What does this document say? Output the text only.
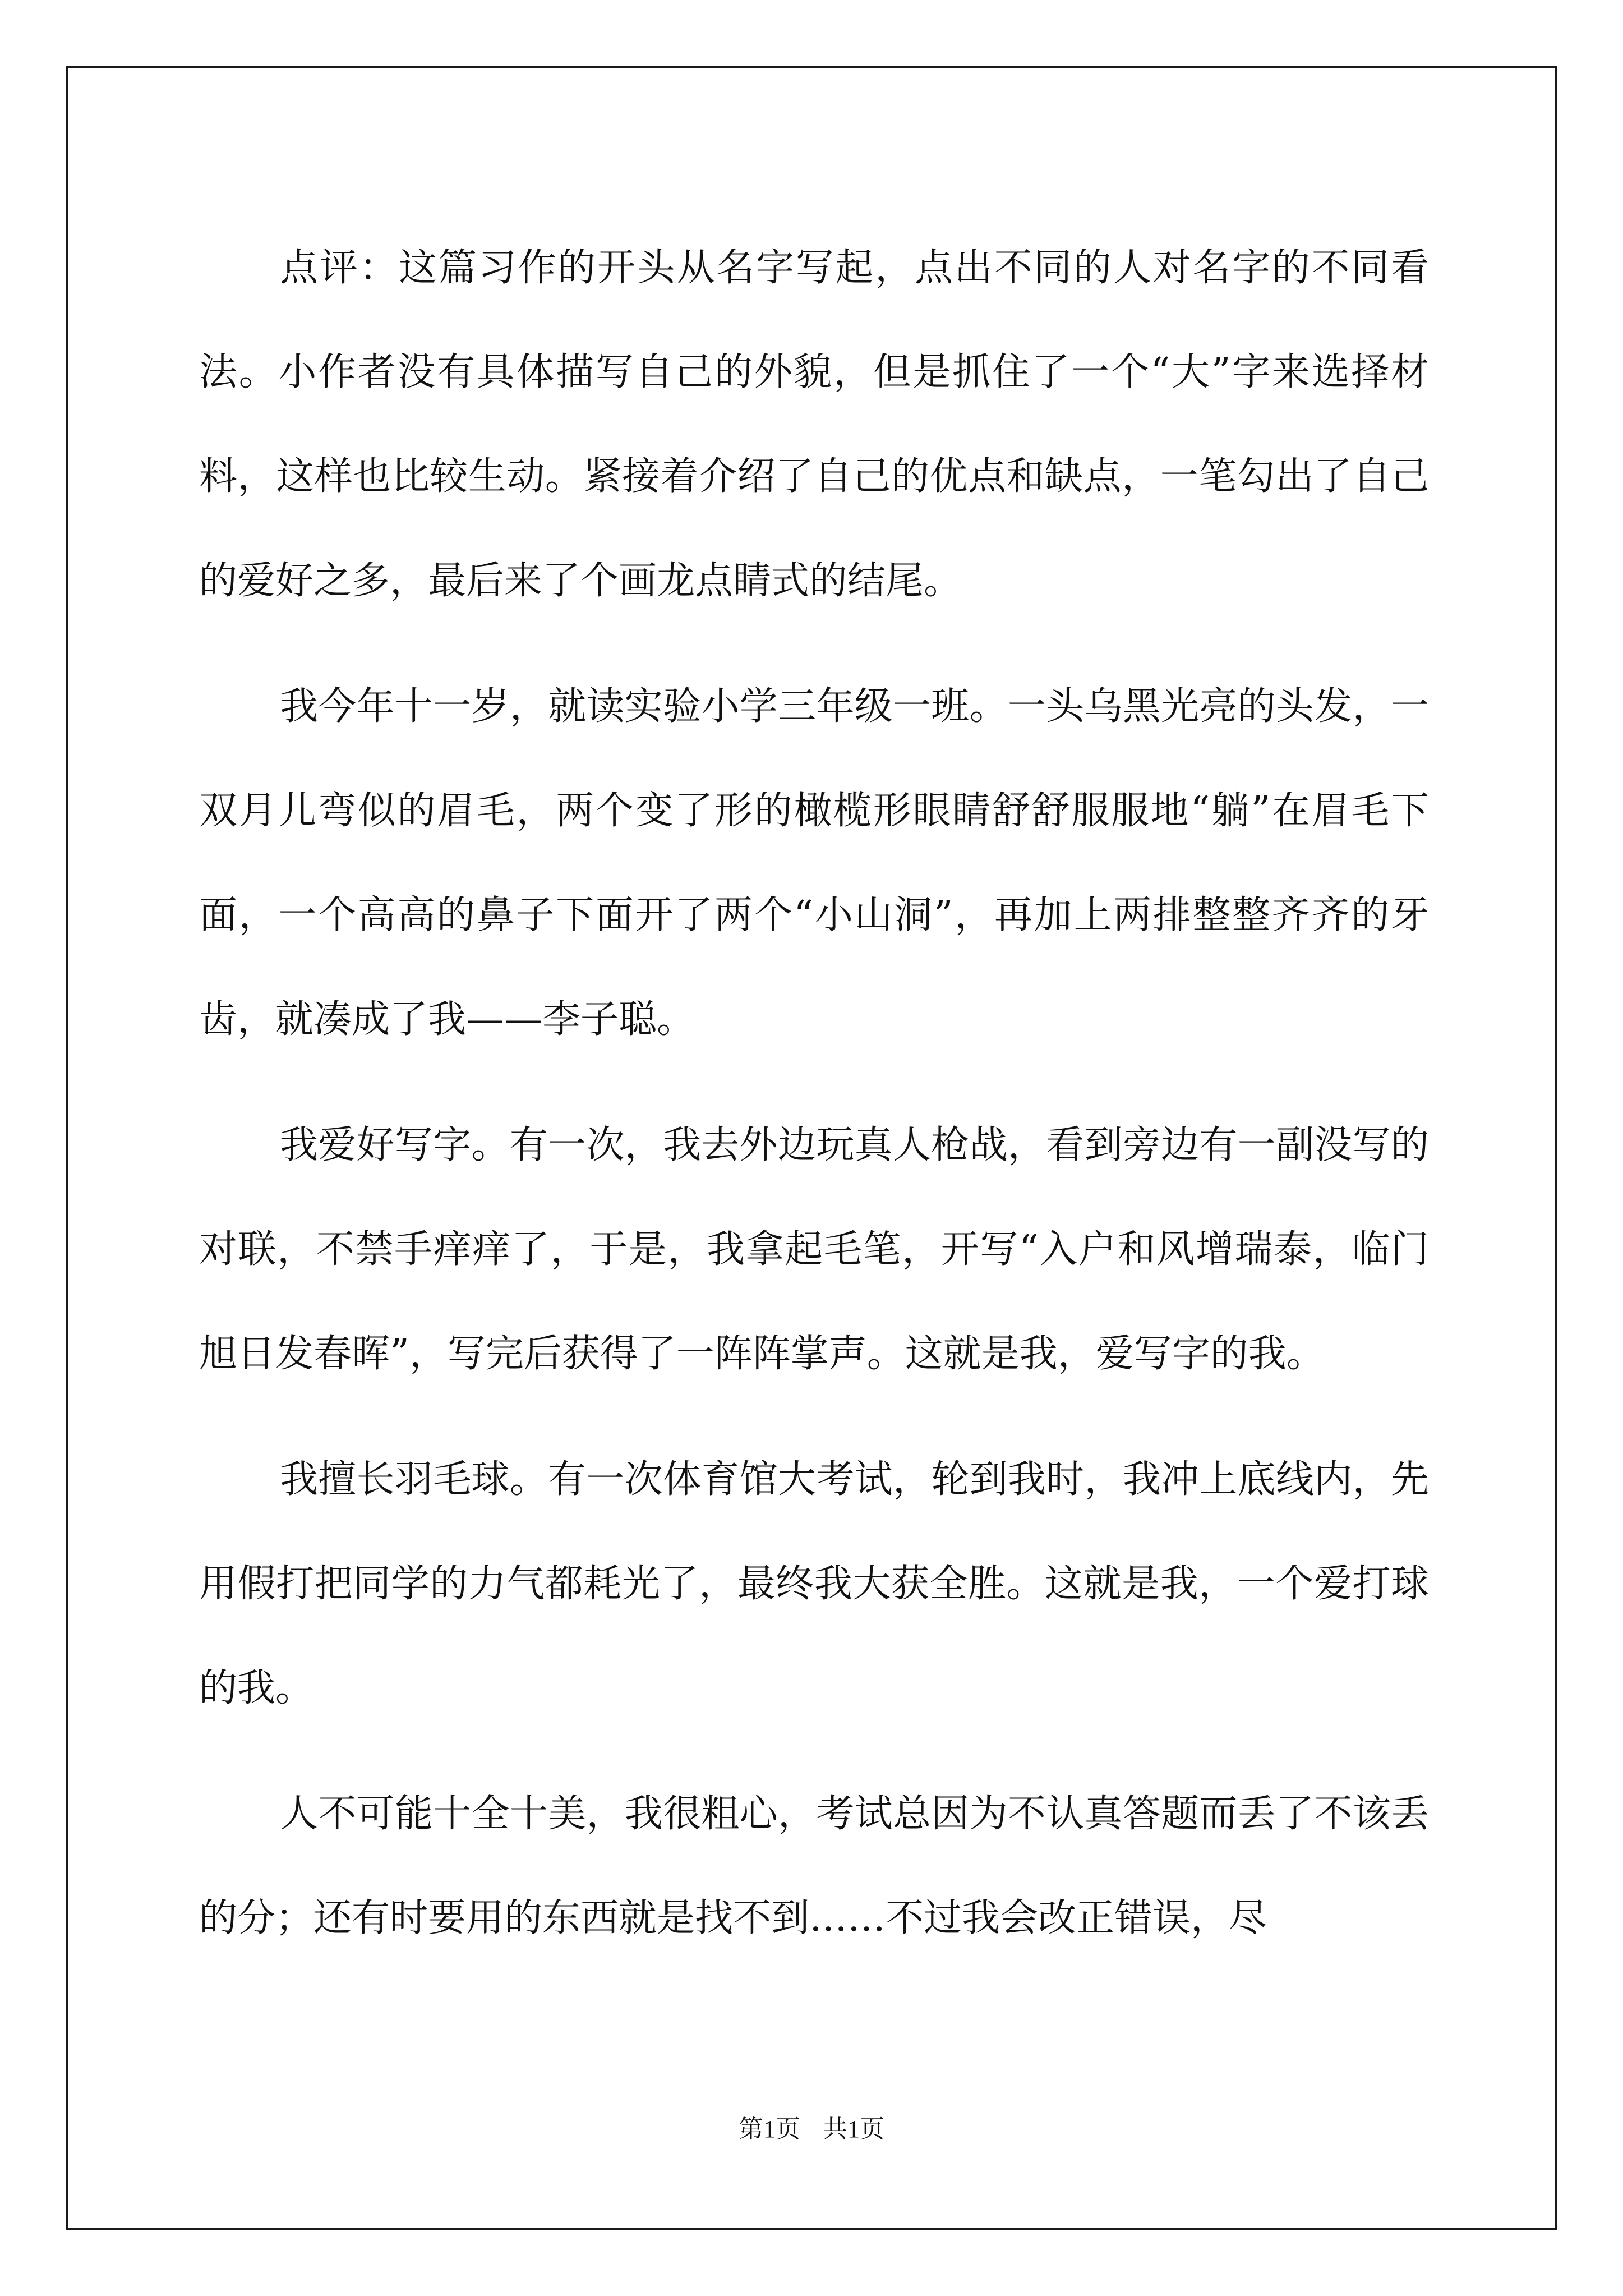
点评：这篇习作的开头从名字写起，点出不同的人对名字的不同看法。小作者没有具体描写自己的外貌，但是抓住了一个“大”字来选择材料，这样也比较生动。紧接着介绍了自己的优点和缺点，一笔勾出了自己的爱好之多，最后来了个画龙点睛式的结尾。

我今年十一岁，就读实验小学三年级一班。一头乌黑光亮的头发，一双月儿弯似的眉毛，两个变了形的橄榄形眼睛舒舒服服地“躺”在眉毛下面，一个高高的鼻子下面开了两个“小山洞”，再加上两排整整齐齐的牙齿，就凑成了我——李子聪。

我爱好写字。有一次，我去外边玩真人枪战，看到旁边有一副没写的对联，不禁手痒痒了，于是，我拿起毛笔，开写“入户和风增瑞泰，临门旭日发春晖”，写完后获得了一阵阵掌声。这就是我，爱写字的我。

我擅长羽毛球。有一次体育馆大考试，轮到我时，我冲上底线内，先用假打把同学的力气都耗光了，最终我大获全胜。这就是我，一个爱打球的我。

人不可能十全十美，我很粗心，考试总因为不认真答题而丢了不该丢的分；还有时要用的东西就是找不到……不过我会改正错误，尽

第1页 共1页
